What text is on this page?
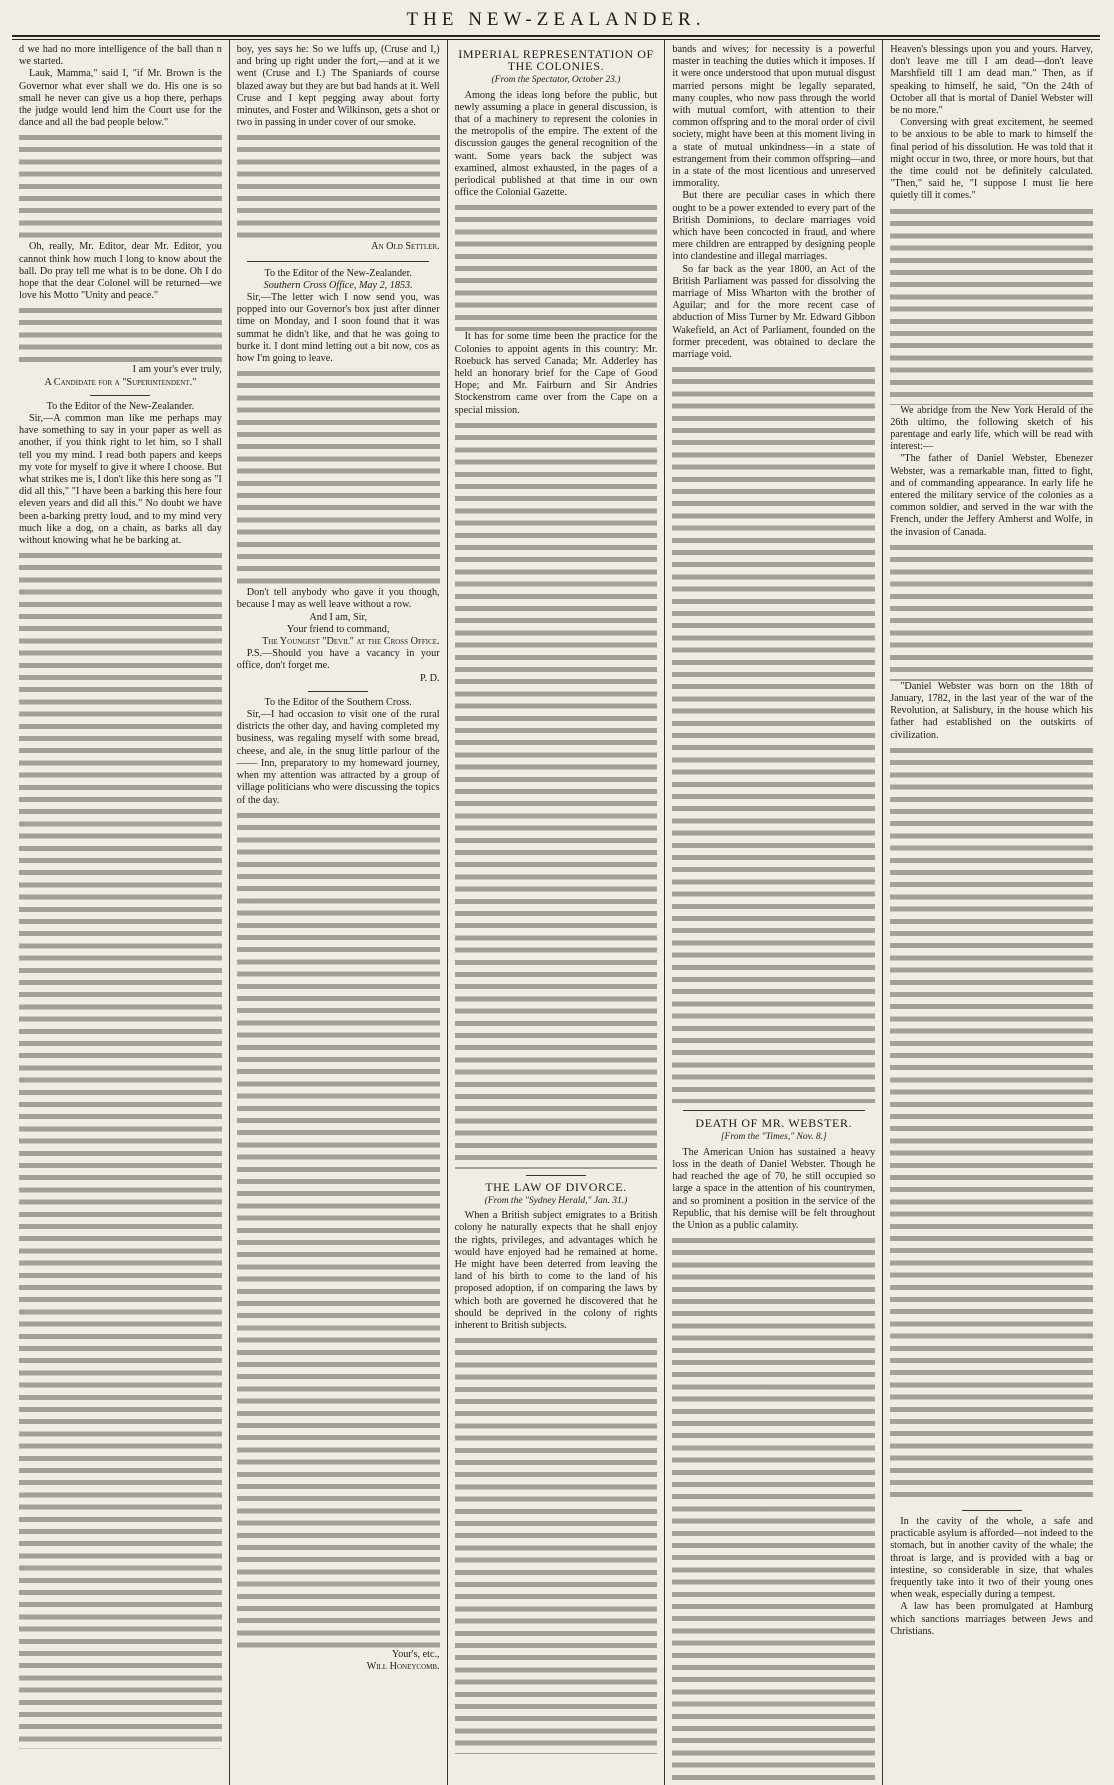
THE NEW-ZEALANDER.

d we had no more intelligence of the ball than n we started.

Lauk, Mamma," said I, "if Mr. Brown is the Governor what ever shall we do. His one is so small he never can give us a hop there, perhaps the judge would lend him the Court use for the dance and all the bad people below."

Oh, really, Mr. Editor, dear Mr. Editor, you cannot think how much I long to know about the ball. Do pray tell me what is to be done. Oh I do hope that the dear Colonel will be returned—we love his Motto "Unity and peace."

I am your's ever truly,

A Candidate for a "Superintendent."

To the Editor of the New-Zealander.

Sir,—A common man like me perhaps may have something to say in your paper as well as another, if you think right to let him, so I shall tell you my mind. I read both papers and keeps my vote for myself to give it where I choose. But what strikes me is, I don't like this here song as "I did all this," "I have been a barking this here four eleven years and did all this." No doubt we have been a-barking pretty loud, and to my mind very much like a dog, on a chain, as barks all day without knowing what he be barking at.

boy, yes says he: So we luffs up, (Cruse and I,) and bring up right under the fort,—and at it we went (Cruse and I.) The Spaniards of course blazed away but they are but bad hands at it. Well Cruse and I kept pegging away about forty minutes, and Foster and Wilkinson, gets a shot or two in passing in under cover of our smoke.

An Old Settler.

To the Editor of the New-Zealander.

Southern Cross Office, May 2, 1853.

Sir,—The letter wich I now send you, was popped into our Governor's box just after dinner time on Monday, and I soon found that it was summat he didn't like, and that he was going to burke it. I dont mind letting out a bit now, cos as how I'm going to leave.

Don't tell anybody who gave it you though, because I may as well leave without a row.

And I am, Sir,

Your friend to command,

The Youngest "Devil" at the Cross Office.

P.S.—Should you have a vacancy in your office, don't forget me.

P. D.

To the Editor of the Southern Cross.

Sir,—I had occasion to visit one of the rural districts the other day, and having completed my business, was regaling myself with some bread, cheese, and ale, in the snug little parlour of the —— Inn, preparatory to my homeward journey, when my attention was attracted by a group of village politicians who were discussing the topics of the day.

Your's, etc.,

Will Honeycomb.

IMPERIAL REPRESENTATION OF THE COLONIES.
(From the Spectator, October 23.)

Among the ideas long before the public, but newly assuming a place in general discussion, is that of a machinery to represent the colonies in the metropolis of the empire. The extent of the discussion gauges the general recognition of the want. Some years back the subject was examined, almost exhausted, in the pages of a periodical published at that time in our own office the Colonial Gazette.

It has for some time been the practice for the Colonies to appoint agents in this country: Mr. Roebuck has served Canada; Mr. Adderley has held an honorary brief for the Cape of Good Hope; and Mr. Fairburn and Sir Andries Stockenstrom came over from the Cape on a special mission.

THE LAW OF DIVORCE.
(From the "Sydney Herald," Jan. 31.)

When a British subject emigrates to a British colony he naturally expects that he shall enjoy the rights, privileges, and advantages which he would have enjoyed had he remained at home. He might have been deterred from leaving the land of his birth to come to the land of his proposed adoption, if on comparing the laws by which both are governed he discovered that he should be deprived in the colony of rights inherent to British subjects.

bands and wives; for necessity is a powerful master in teaching the duties which it imposes. If it were once understood that upon mutual disgust married persons might be legally separated, many couples, who now pass through the world with mutual comfort, with attention to their common offspring and to the moral order of civil society, might have been at this moment living in a state of mutual unkindness—in a state of estrangement from their common offspring—and in a state of the most licentious and unreserved immorality.

But there are peculiar cases in which there ought to be a power extended to every part of the British Dominions, to declare marriages void which have been concocted in fraud, and where mere children are entrapped by designing people into clandestine and illegal marriages.

So far back as the year 1800, an Act of the British Parliament was passed for dissolving the marriage of Miss Wharton with the brother of Aguilar; and for the more recent case of abduction of Miss Turner by Mr. Edward Gibbon Wakefield, an Act of Parliament, founded on the former precedent, was obtained to declare the marriage void.

DEATH OF MR. WEBSTER.
[From the "Times," Nov. 8.]

The American Union has sustained a heavy loss in the death of Daniel Webster. Though he had reached the age of 70, he still occupied so large a space in the attention of his countrymen, and so prominent a position in the service of the Republic, that his demise will be felt throughout the Union as a public calamity.

Heaven's blessings upon you and yours. Harvey, don't leave me till I am dead—don't leave Marshfield till I am dead man." Then, as if speaking to himself, he said, "On the 24th of October all that is mortal of Daniel Webster will be no more."

Conversing with great excitement, he seemed to be anxious to be able to mark to himself the final period of his dissolution. He was told that it might occur in two, three, or more hours, but that the time could not be definitely calculated. "Then," said he, "I suppose I must lie here quietly till it comes."

We abridge from the New York Herald of the 26th ultimo, the following sketch of his parentage and early life, which will be read with interest:—

"The father of Daniel Webster, Ebenezer Webster, was a remarkable man, fitted to fight, and of commanding appearance. In early life he entered the military service of the colonies as a common soldier, and served in the war with the French, under the Jeffery Amherst and Wolfe, in the invasion of Canada.

"Daniel Webster was born on the 18th of January, 1782, in the last year of the war of the Revolution, at Salisbury, in the house which his father had established on the outskirts of civilization.

In the cavity of the whole, a safe and practicable asylum is afforded—not indeed to the stomach, but in another cavity of the whale; the throat is large, and is provided with a bag or intestine, so considerable in size, that whales frequently take into it two of their young ones when weak, especially during a tempest.

A law has been promulgated at Hamburg which sanctions marriages between Jews and Christians.
